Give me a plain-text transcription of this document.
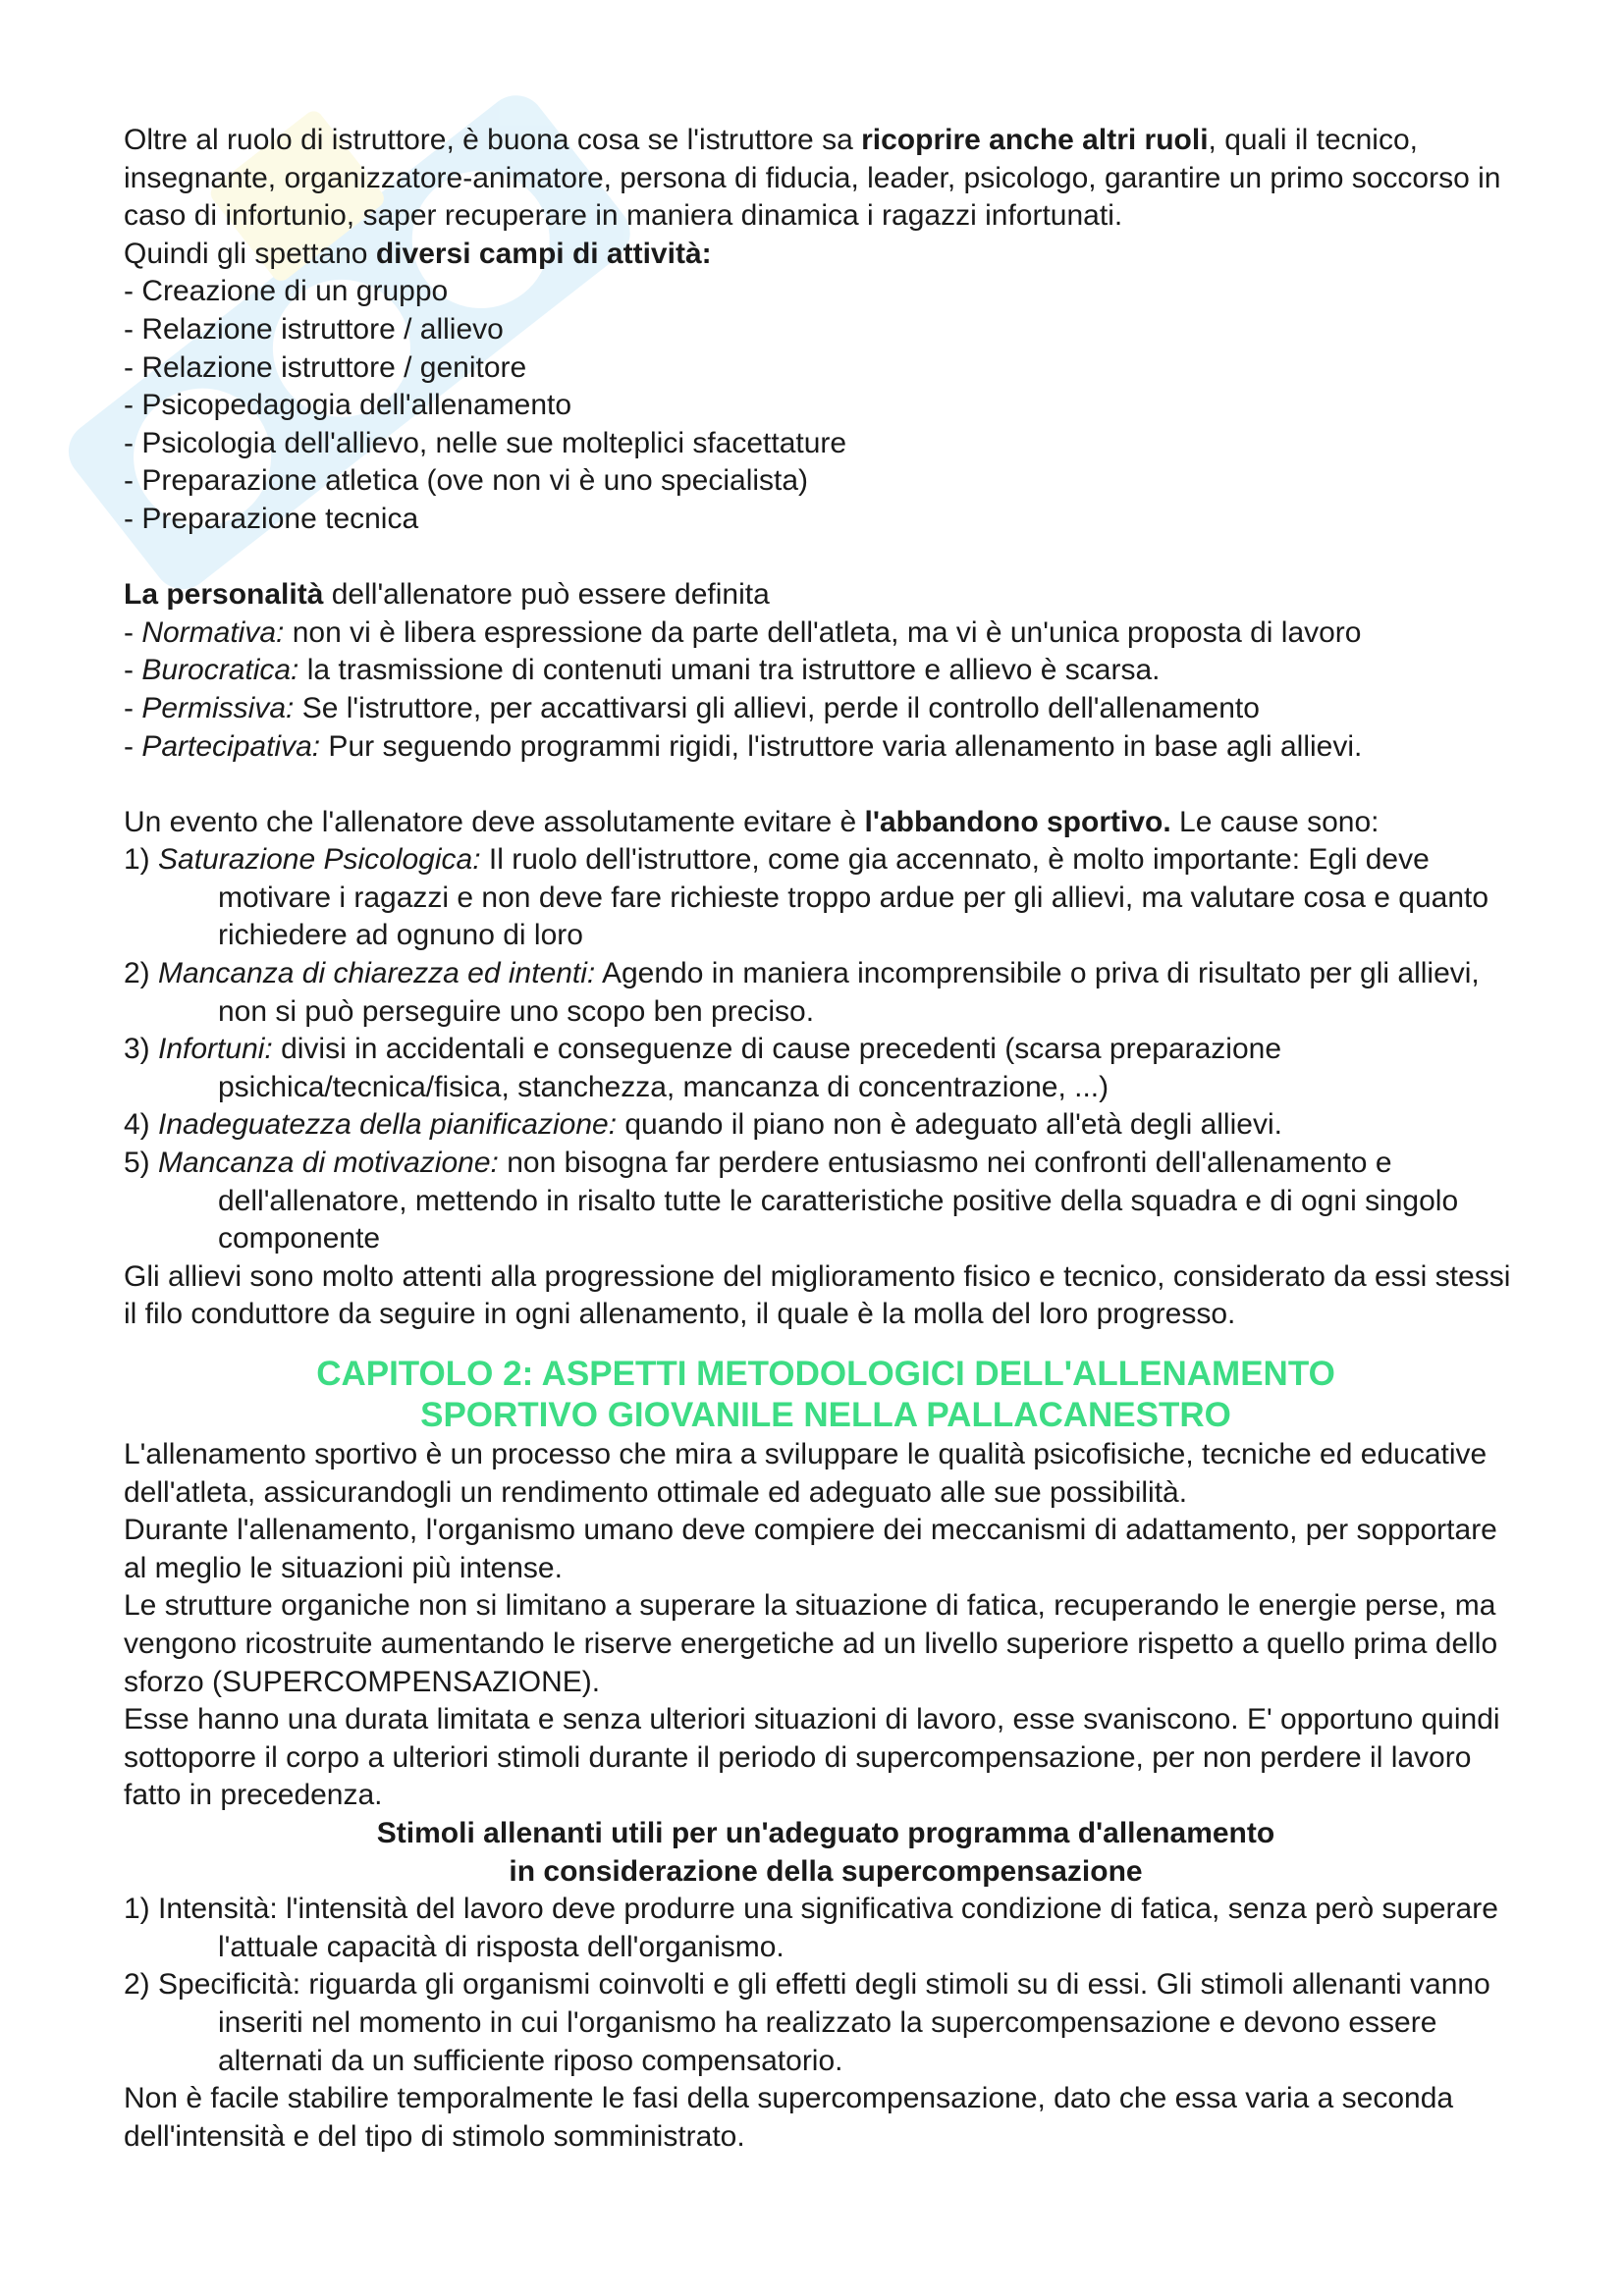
Oltre al ruolo di istruttore, è buona cosa se l'istruttore sa ricoprire anche altri ruoli, quali il tecnico, insegnante, organizzatore-animatore, persona di fiducia, leader, psicologo, garantire un primo soccorso in caso di infortunio, saper recuperare in maniera dinamica i ragazzi infortunati.

Quindi gli spettano diversi campi di attività:

- Creazione di un gruppo

- Relazione istruttore / allievo

- Relazione istruttore / genitore

- Psicopedagogia dell'allenamento

- Psicologia dell'allievo, nelle sue molteplici sfacettature

- Preparazione atletica (ove non vi è uno specialista)

- Preparazione tecnica

La personalità dell'allenatore può essere definita

- Normativa: non vi è libera espressione da parte dell'atleta, ma vi è un'unica proposta di lavoro

- Burocratica: la trasmissione di contenuti umani tra istruttore e allievo è scarsa.

- Permissiva: Se l'istruttore, per accattivarsi gli allievi, perde il controllo dell'allenamento

- Partecipativa: Pur seguendo programmi rigidi, l'istruttore varia allenamento in base agli allievi.

Un evento che l'allenatore deve assolutamente evitare è l'abbandono sportivo. Le cause sono:

1) Saturazione Psicologica: Il ruolo dell'istruttore, come gia accennato, è molto importante: Egli deve motivare i ragazzi e non deve fare richieste troppo ardue per gli allievi, ma valutare cosa e quanto richiedere ad ognuno di loro

2) Mancanza di chiarezza ed intenti: Agendo in maniera incomprensibile o priva di risultato per gli allievi, non si può perseguire uno scopo ben preciso.

3) Infortuni: divisi in accidentali e conseguenze di cause precedenti (scarsa preparazione psichica/tecnica/fisica, stanchezza, mancanza di concentrazione, ...)

4) Inadeguatezza della pianificazione: quando il piano non è adeguato all'età degli allievi.

5) Mancanza di motivazione: non bisogna far perdere entusiasmo nei confronti dell'allenamento e dell'allenatore, mettendo in risalto tutte le caratteristiche positive della squadra e di ogni singolo componente

Gli allievi sono molto attenti alla progressione del miglioramento fisico e tecnico, considerato da essi stessi il filo conduttore da seguire in ogni allenamento, il quale è la molla del loro progresso.

CAPITOLO 2: ASPETTI METODOLOGICI DELL'ALLENAMENTO
SPORTIVO GIOVANILE NELLA PALLACANESTRO

L'allenamento sportivo è un processo che mira a sviluppare le qualità psicofisiche, tecniche ed educative dell'atleta, assicurandogli un rendimento ottimale ed adeguato alle sue possibilità.

Durante l'allenamento, l'organismo umano deve compiere dei meccanismi di adattamento, per sopportare al meglio le situazioni più intense.

Le strutture organiche non si limitano a superare la situazione di fatica, recuperando le energie perse, ma vengono ricostruite aumentando le riserve energetiche ad un livello superiore rispetto a quello prima dello sforzo (SUPERCOMPENSAZIONE).

Esse hanno una durata limitata e senza ulteriori situazioni di lavoro, esse svaniscono. E' opportuno quindi sottoporre il corpo a ulteriori stimoli durante il periodo di supercompensazione, per non perdere il lavoro fatto in precedenza.

Stimoli allenanti utili per un'adeguato programma d'allenamento

in considerazione della supercompensazione

1) Intensità: l'intensità del lavoro deve produrre una significativa condizione di fatica, senza però superare l'attuale capacità di risposta dell'organismo.

2) Specificità: riguarda gli organismi coinvolti e gli effetti degli stimoli su di essi. Gli stimoli allenanti vanno inseriti nel momento in cui l'organismo ha realizzato la supercompensazione e devono essere alternati da un sufficiente riposo compensatorio.

Non è facile stabilire temporalmente le fasi della supercompensazione, dato che essa varia a seconda dell'intensità e del tipo di stimolo somministrato.
